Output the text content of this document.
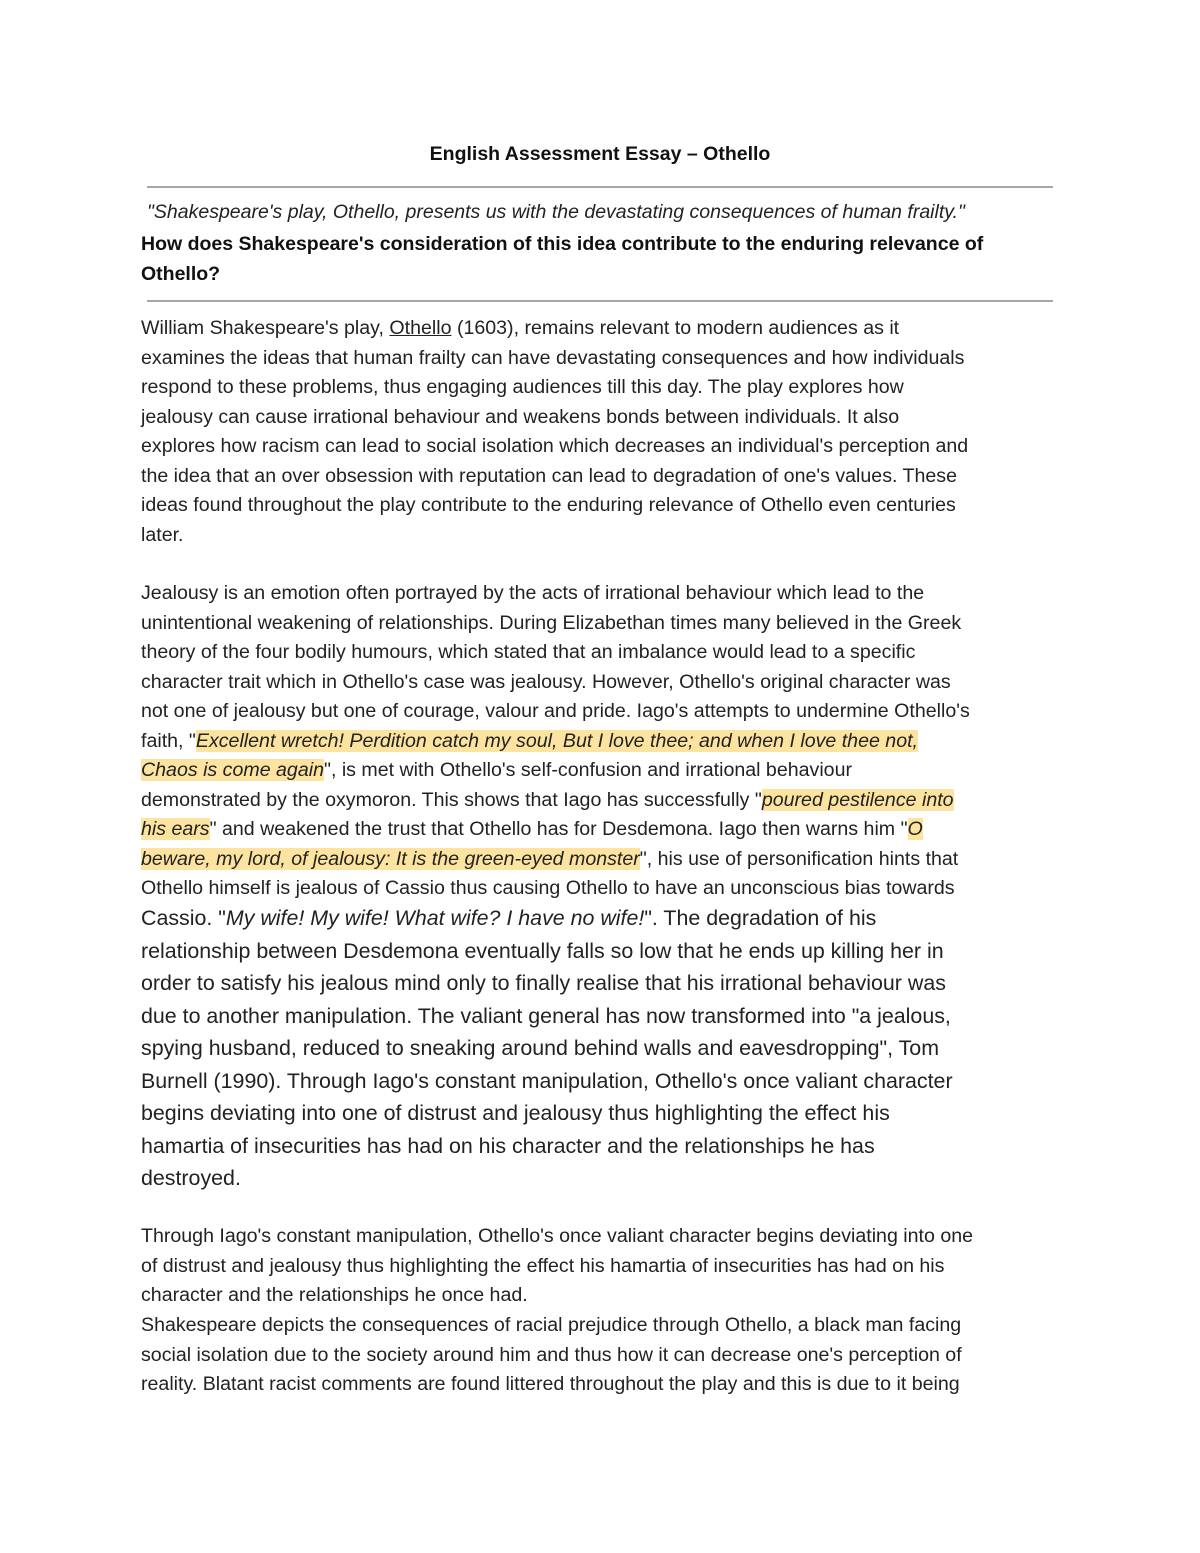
English Assessment Essay – Othello
"Shakespeare's play, Othello, presents us with the devastating consequences of human frailty."
How does Shakespeare's consideration of this idea contribute to the enduring relevance of
Othello?
William Shakespeare's play, Othello (1603), remains relevant to modern audiences as it
examines the ideas that human frailty can have devastating consequences and how individuals
respond to these problems, thus engaging audiences till this day. The play explores how
jealousy can cause irrational behaviour and weakens bonds between individuals. It also
explores how racism can lead to social isolation which decreases an individual's perception and
the idea that an over obsession with reputation can lead to degradation of one's values. These
ideas found throughout the play contribute to the enduring relevance of Othello even centuries
later.
Jealousy is an emotion often portrayed by the acts of irrational behaviour which lead to the
unintentional weakening of relationships. During Elizabethan times many believed in the Greek
theory of the four bodily humours, which stated that an imbalance would lead to a specific
character trait which in Othello's case was jealousy. However, Othello's original character was
not one of jealousy but one of courage, valour and pride. Iago's attempts to undermine Othello's
faith, "Excellent wretch! Perdition catch my soul, But I love thee; and when I love thee not,
Chaos is come again", is met with Othello's self-confusion and irrational behaviour
demonstrated by the oxymoron. This shows that Iago has successfully "poured pestilence into
his ears" and weakened the trust that Othello has for Desdemona. Iago then warns him "O
beware, my lord, of jealousy: It is the green-eyed monster", his use of personification hints that
Othello himself is jealous of Cassio thus causing Othello to have an unconscious bias towards
Cassio. "My wife! My wife! What wife? I have no wife!". The degradation of his
relationship between Desdemona eventually falls so low that he ends up killing her in
order to satisfy his jealous mind only to finally realise that his irrational behaviour was
due to another manipulation. The valiant general has now transformed into "a jealous,
spying husband, reduced to sneaking around behind walls and eavesdropping", Tom
Burnell (1990). Through Iago's constant manipulation, Othello's once valiant character
begins deviating into one of distrust and jealousy thus highlighting the effect his
hamartia of insecurities has had on his character and the relationships he has
destroyed.
Through Iago's constant manipulation, Othello's once valiant character begins deviating into one
of distrust and jealousy thus highlighting the effect his hamartia of insecurities has had on his
character and the relationships he once had.
Shakespeare depicts the consequences of racial prejudice through Othello, a black man facing
social isolation due to the society around him and thus how it can decrease one's perception of
reality. Blatant racist comments are found littered throughout the play and this is due to it being
